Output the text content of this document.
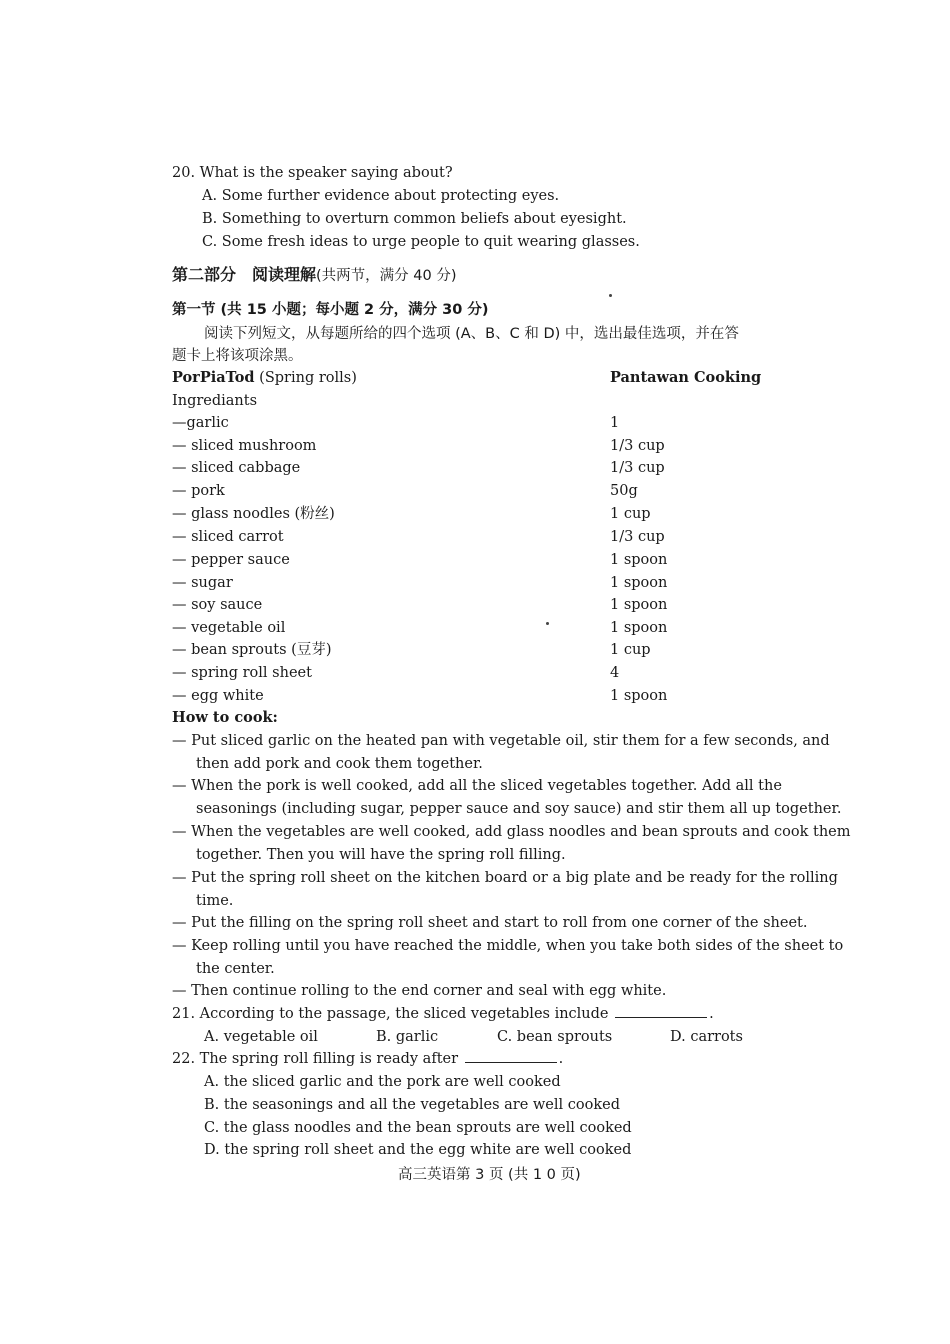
20. What is the speaker saying about?
A. Some further evidence about protecting eyes.
B. Something to overturn common beliefs about eyesight.
C. Some fresh ideas to urge people to quit wearing glasses.
第二部分　阅读理解(共两节，满分 40 分)
第一节 (共 15 小题；每小题 2 分，满分 30 分)
阅读下列短文，从每题所给的四个选项 (A、B、C 和 D) 中，选出最佳选项，并在答
题卡上将该项涂黑。
PorPiaTod (Spring rolls)	Pantawan Cooking
Ingrediants
—garlic	1
— sliced mushroom	1/3 cup
— sliced cabbage	1/3 cup
— pork	50g
— glass noodles (粉丝)	1 cup
— sliced carrot	1/3 cup
— pepper sauce	1 spoon
— sugar	1 spoon
— soy sauce	1 spoon
— vegetable oil	1 spoon
— bean sprouts (豆芽)	1 cup
— spring roll sheet	4
— egg white	1 spoon
How to cook:
— Put sliced garlic on the heated pan with vegetable oil, stir them for a few seconds, and
then add pork and cook them together.
— When the pork is well cooked, add all the sliced vegetables together. Add all the
seasonings (including sugar, pepper sauce and soy sauce) and stir them all up together.
— When the vegetables are well cooked, add glass noodles and bean sprouts and cook them
together. Then you will have the spring roll filling.
— Put the spring roll sheet on the kitchen board or a big plate and be ready for the rolling
time.
— Put the filling on the spring roll sheet and start to roll from one corner of the sheet.
— Keep rolling until you have reached the middle, when you take both sides of the sheet to
the center.
— Then continue rolling to the end corner and seal with egg white.
21. According to the passage, the sliced vegetables include	.
A. vegetable oil	B. garlic	C. bean sprouts	D. carrots
22. The spring roll filling is ready after	.
A. the sliced garlic and the pork are well cooked
B. the seasonings and all the vegetables are well cooked
C. the glass noodles and the bean sprouts are well cooked
D. the spring roll sheet and the egg white are well cooked
高三英语第 3 页 (共 1 0 页)
